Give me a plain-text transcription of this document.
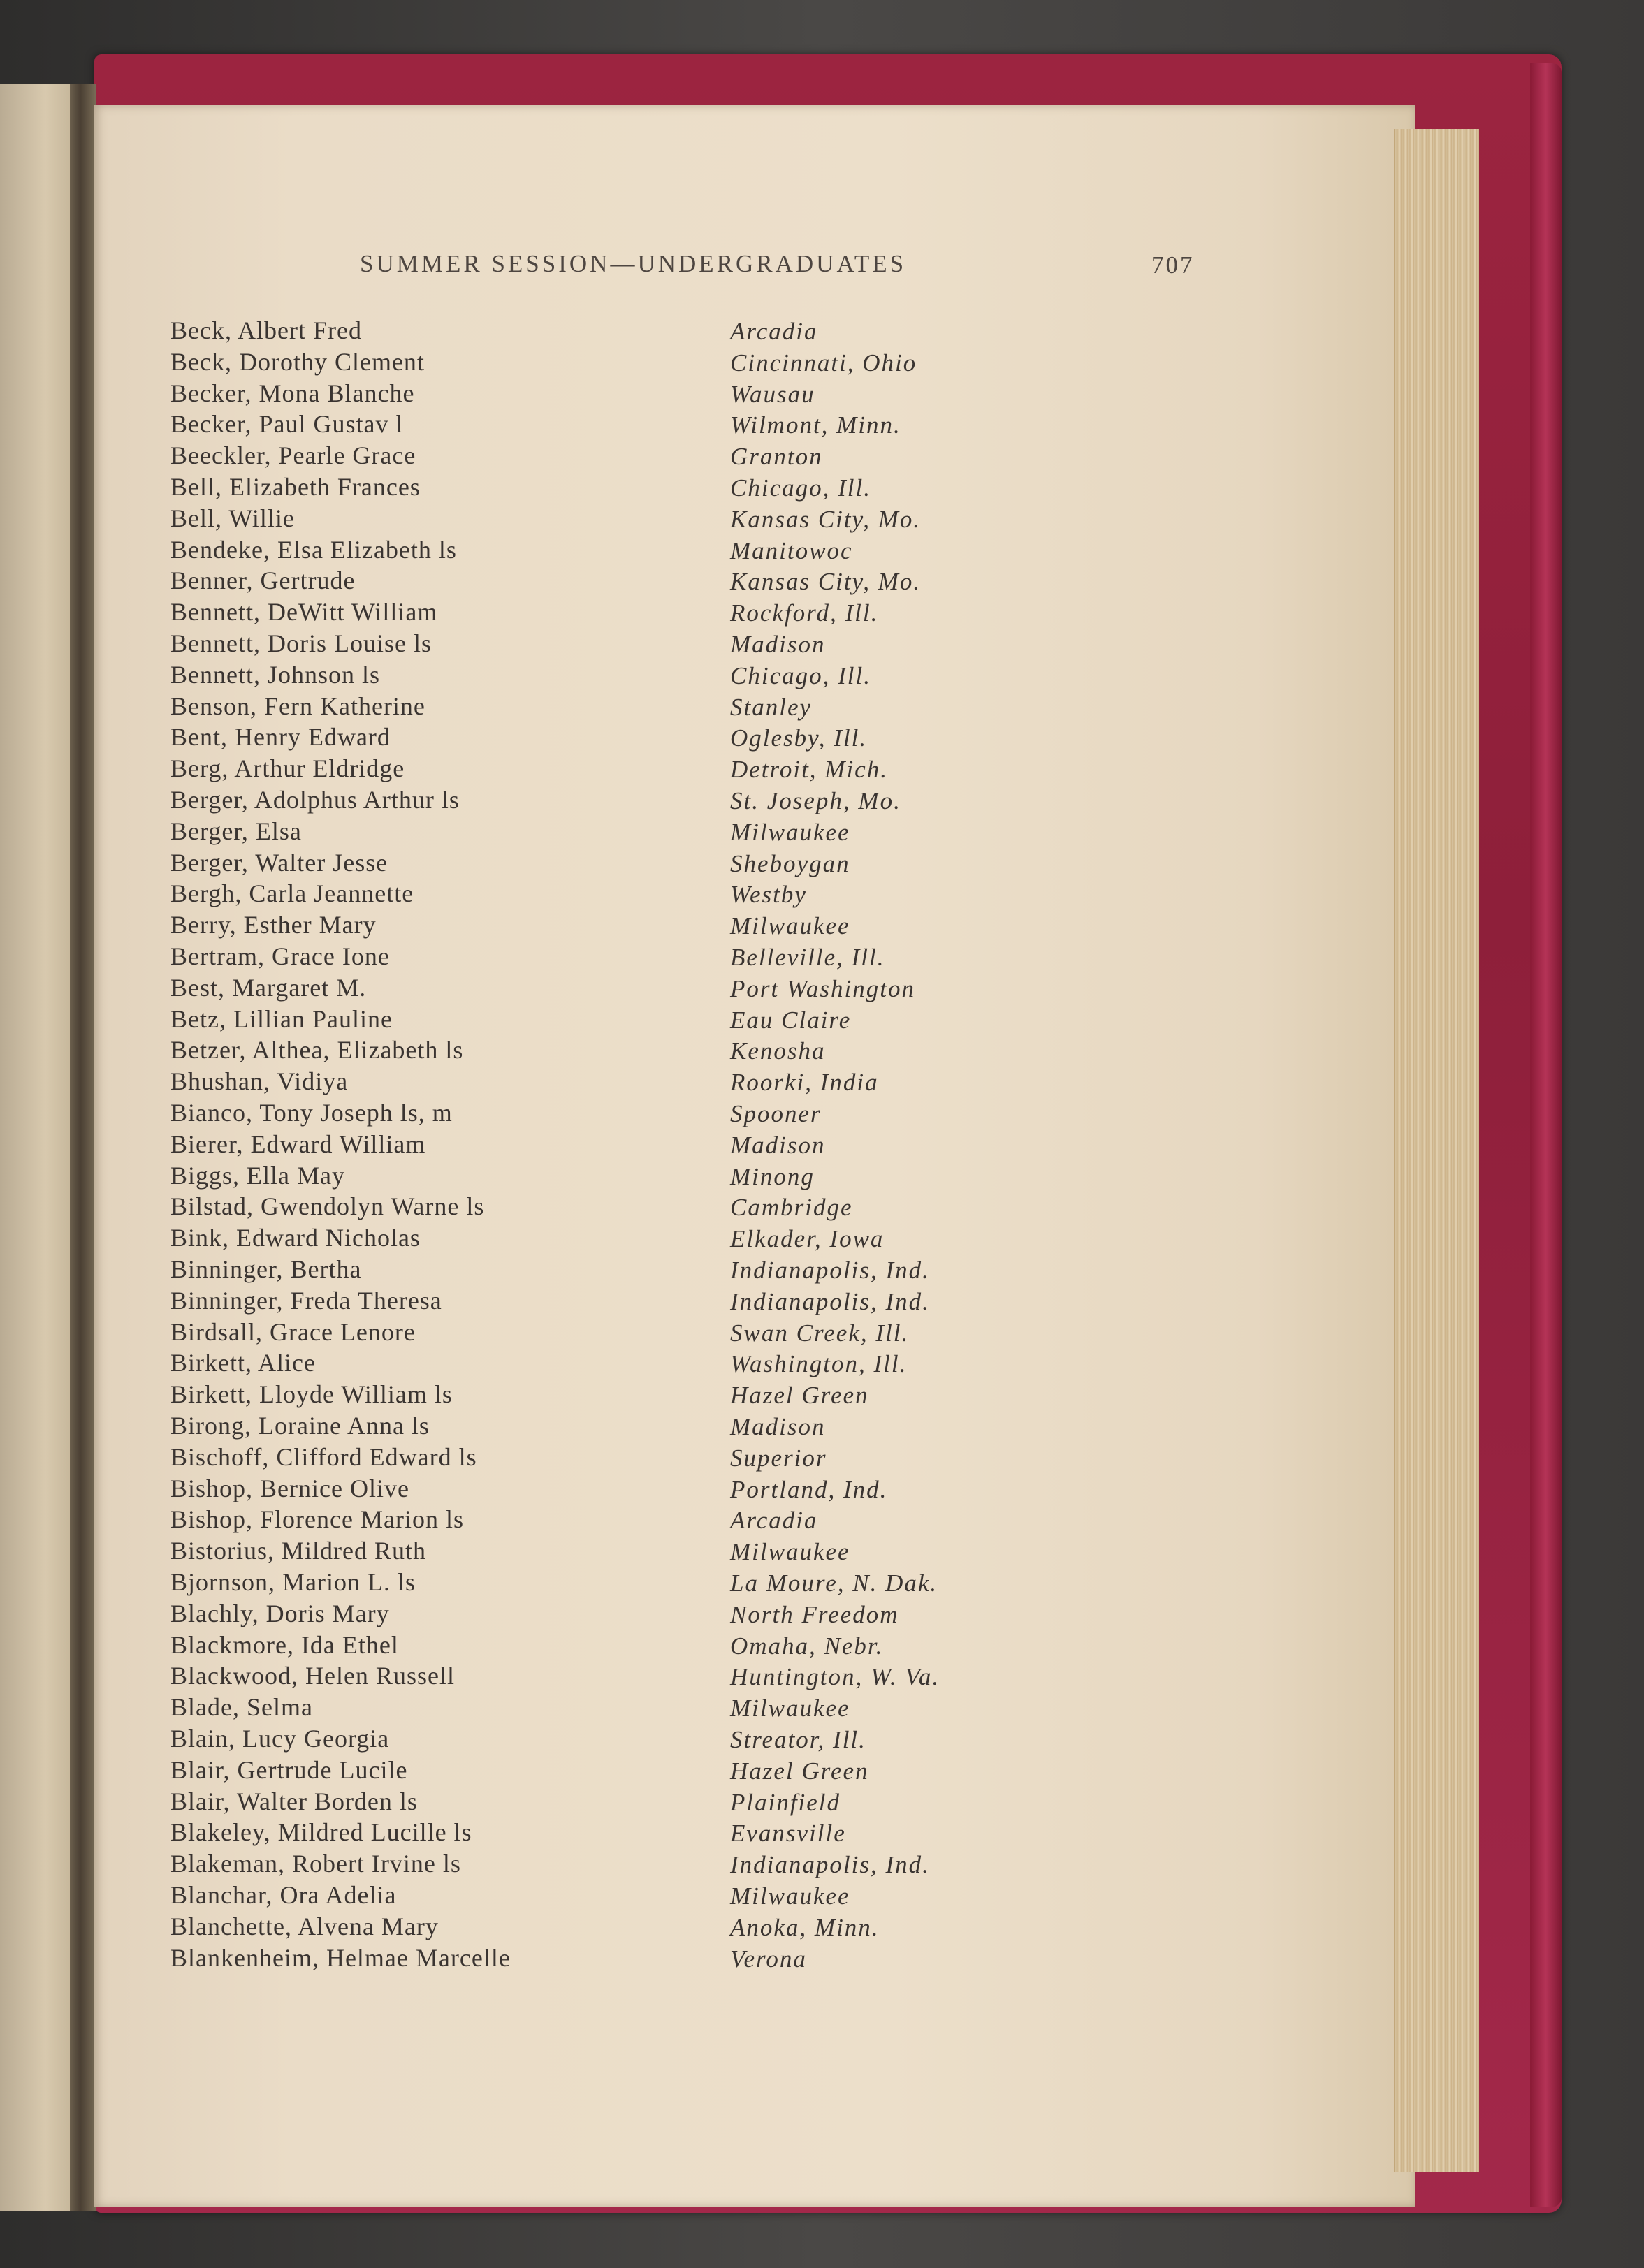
SUMMER SESSION—UNDERGRADUATES	707
Beck, Albert Fred	Arcadia
Beck, Dorothy Clement	Cincinnati, Ohio
Becker, Mona Blanche	Wausau
Becker, Paul Gustav l	Wilmont, Minn.
Beeckler, Pearle Grace	Granton
Bell, Elizabeth Frances	Chicago, Ill.
Bell, Willie	Kansas City, Mo.
Bendeke, Elsa Elizabeth ls	Manitowoc
Benner, Gertrude	Kansas City, Mo.
Bennett, DeWitt William	Rockford, Ill.
Bennett, Doris Louise ls	Madison
Bennett, Johnson ls	Chicago, Ill.
Benson, Fern Katherine	Stanley
Bent, Henry Edward	Oglesby, Ill.
Berg, Arthur Eldridge	Detroit, Mich.
Berger, Adolphus Arthur ls	St. Joseph, Mo.
Berger, Elsa	Milwaukee
Berger, Walter Jesse	Sheboygan
Bergh, Carla Jeannette	Westby
Berry, Esther Mary	Milwaukee
Bertram, Grace Ione	Belleville, Ill.
Best, Margaret M.	Port Washington
Betz, Lillian Pauline	Eau Claire
Betzer, Althea, Elizabeth ls	Kenosha
Bhushan, Vidiya	Roorki, India
Bianco, Tony Joseph ls, m	Spooner
Bierer, Edward William	Madison
Biggs, Ella May	Minong
Bilstad, Gwendolyn Warne ls	Cambridge
Bink, Edward Nicholas	Elkader, Iowa
Binninger, Bertha	Indianapolis, Ind.
Binninger, Freda Theresa	Indianapolis, Ind.
Birdsall, Grace Lenore	Swan Creek, Ill.
Birkett, Alice	Washington, Ill.
Birkett, Lloyde William ls	Hazel Green
Birong, Loraine Anna ls	Madison
Bischoff, Clifford Edward ls	Superior
Bishop, Bernice Olive	Portland, Ind.
Bishop, Florence Marion ls	Arcadia
Bistorius, Mildred Ruth	Milwaukee
Bjornson, Marion L. ls	La Moure, N. Dak.
Blachly, Doris Mary	North Freedom
Blackmore, Ida Ethel	Omaha, Nebr.
Blackwood, Helen Russell	Huntington, W. Va.
Blade, Selma	Milwaukee
Blain, Lucy Georgia	Streator, Ill.
Blair, Gertrude Lucile	Hazel Green
Blair, Walter Borden ls	Plainfield
Blakeley, Mildred Lucille ls	Evansville
Blakeman, Robert Irvine ls	Indianapolis, Ind.
Blanchar, Ora Adelia	Milwaukee
Blanchette, Alvena Mary	Anoka, Minn.
Blankenheim, Helmae Marcelle	Verona
